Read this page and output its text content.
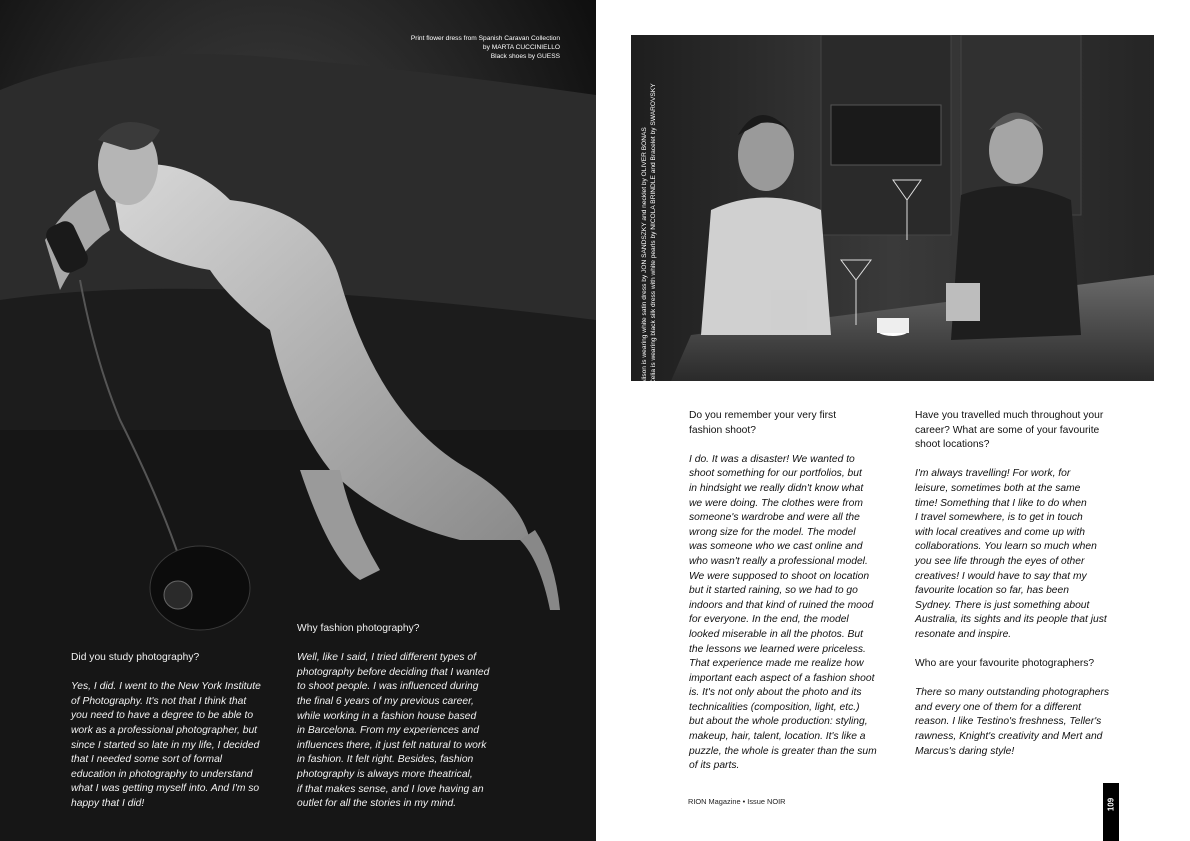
Print flower dress from Spanish Caravan Collection
by MARTA CUCCINIELLO
Black shoes by GUESS

Did you study photography?

Yes, I did. I went to the New York Institute

of Photography. It's not that I think that

you need to have a degree to be able to

work as a professional photographer, but

since I started so late in my life, I decided

that I needed some sort of formal

education in photography to understand

what I was getting myself into. And I'm so

happy that I did!

Why fashion photography?

Well, like I said, I tried different types of

photography before deciding that I wanted

to shoot people. I was influenced during

the final 6 years of my previous career,

while working in a fashion house based

in Barcelona. From my experiences and

influences there, it just felt natural to work

in fashion. It felt right. Besides, fashion

photography is always more theatrical,

if that makes sense, and I love having an

outlet for all the stories in my mind.

Do you remember your very first

fashion shoot?

I do. It was a disaster! We wanted to

shoot something for our portfolios, but

in hindsight we really didn't know what

we were doing. The clothes were from

someone's wardrobe and were all the

wrong size for the model. The model

was someone who we cast online and

who wasn't really a professional model.

We were supposed to shoot on location

but it started raining, so we had to go

indoors and that kind of ruined the mood

for everyone. In the end, the model

looked miserable in all the photos. But

the lessons we learned were priceless.

That experience made me realize how

important each aspect of a fashion shoot

is. It's not only about the photo and its

technicalities (composition, light, etc.)

but about the whole production: styling,

makeup, hair, talent, location. It's like a

puzzle, the whole is greater than the sum

of its parts.

Have you travelled much throughout your

career? What are some of your favourite

shoot locations?

I'm always travelling! For work, for

leisure, sometimes both at the same

time! Something that I like to do when

I travel somewhere, is to get in touch

with local creatives and come up with

collaborations. You learn so much when

you see life through the eyes of other

creatives! I would have to say that my

favourite location so far, has been

Sydney. There is just something about

Australia, its sights and its people that just

resonate and inspire.

Who are your favourite photographers?

There so many outstanding photographers

and every one of them for a different

reason. I like Testino's freshness, Teller's

rawness, Knight's creativity and Mert and

Marcus's daring style!

Alison is wearing white satin dress by JON SANDSZKY and necklet by OLIVER BONAS Celia is wearing black silk dress with white pearls by NICOLA BRINDLE and Bracelet by SWAROVSKY
RION Magazine • Issue NOIR	109
